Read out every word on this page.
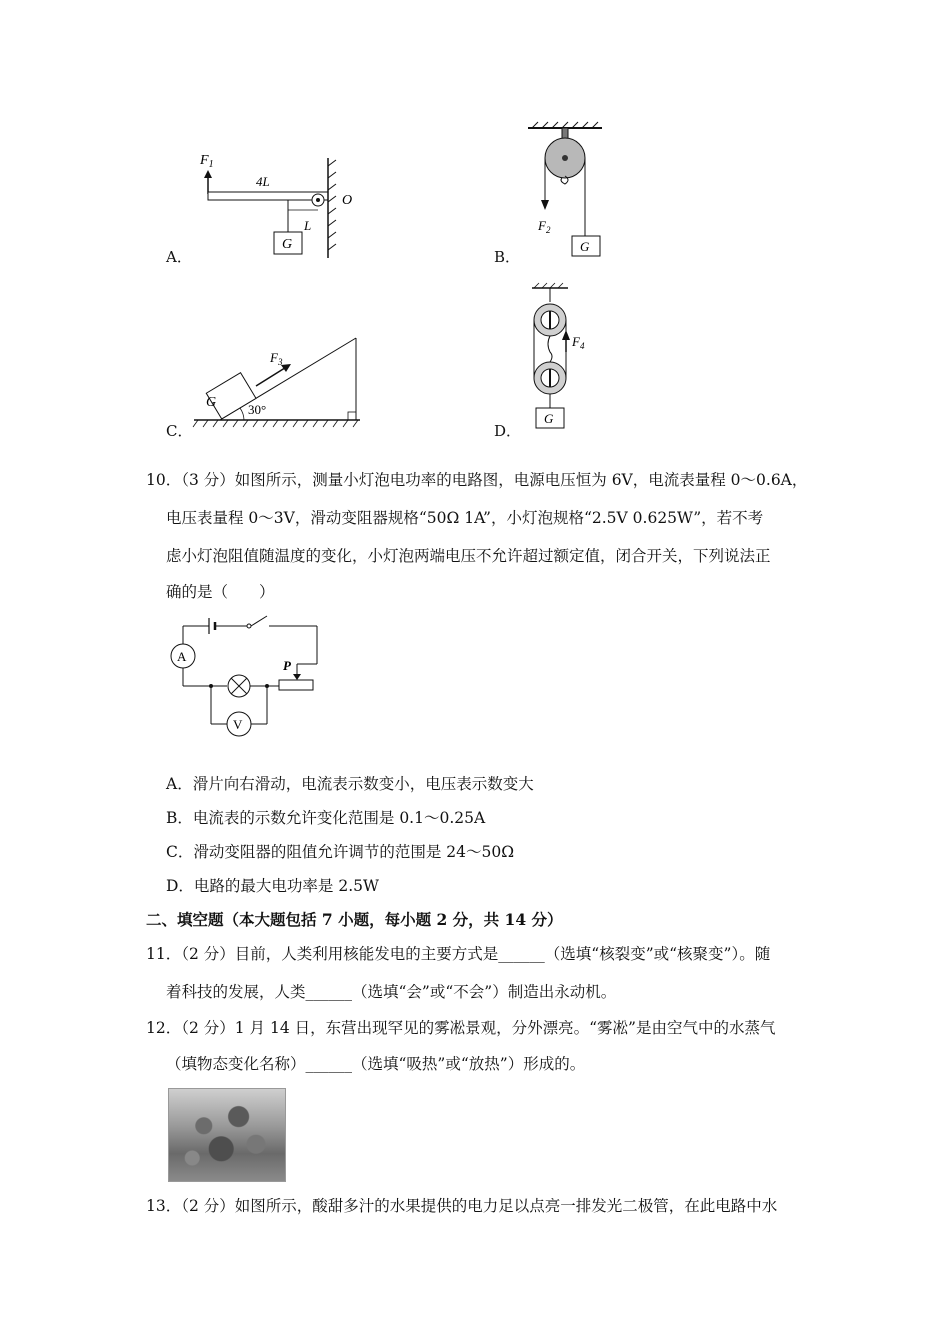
$F_1$
4L
O
L
G
A．
$F_2$
G
B．
G
$F_3$
30°
C．
$F_4$
G
D．
10．（3 分）如图所示，测量小灯泡电功率的电路图，电源电压恒为 6V，电流表量程 0～0.6A，
电压表量程 0～3V，滑动变阻器规格“50Ω 1A”，小灯泡规格“2.5V 0.625W”，若不考
虑小灯泡阻值随温度的变化，小灯泡两端电压不允许超过额定值，闭合开关，下列说法正
确的是（　　）
A
P
V
A．滑片向右滑动，电流表示数变小，电压表示数变大
B．电流表的示数允许变化范围是 0.1～0.25A
C．滑动变阻器的阻值允许调节的范围是 24～50Ω
D．电路的最大电功率是 2.5W
二、填空题（本大题包括 7 小题，每小题 2 分，共 14 分）
11．（2 分）目前，人类利用核能发电的主要方式是______（选填“核裂变”或“核聚变”）。随
着科技的发展，人类______（选填“会”或“不会”）制造出永动机。
12．（2 分）1 月 14 日，东营出现罕见的雾凇景观，分外漂亮。“雾凇”是由空气中的水蒸气
（填物态变化名称）______（选填“吸热”或“放热”）形成的。
13．（2 分）如图所示，酸甜多汁的水果提供的电力足以点亮一排发光二极管，在此电路中水
